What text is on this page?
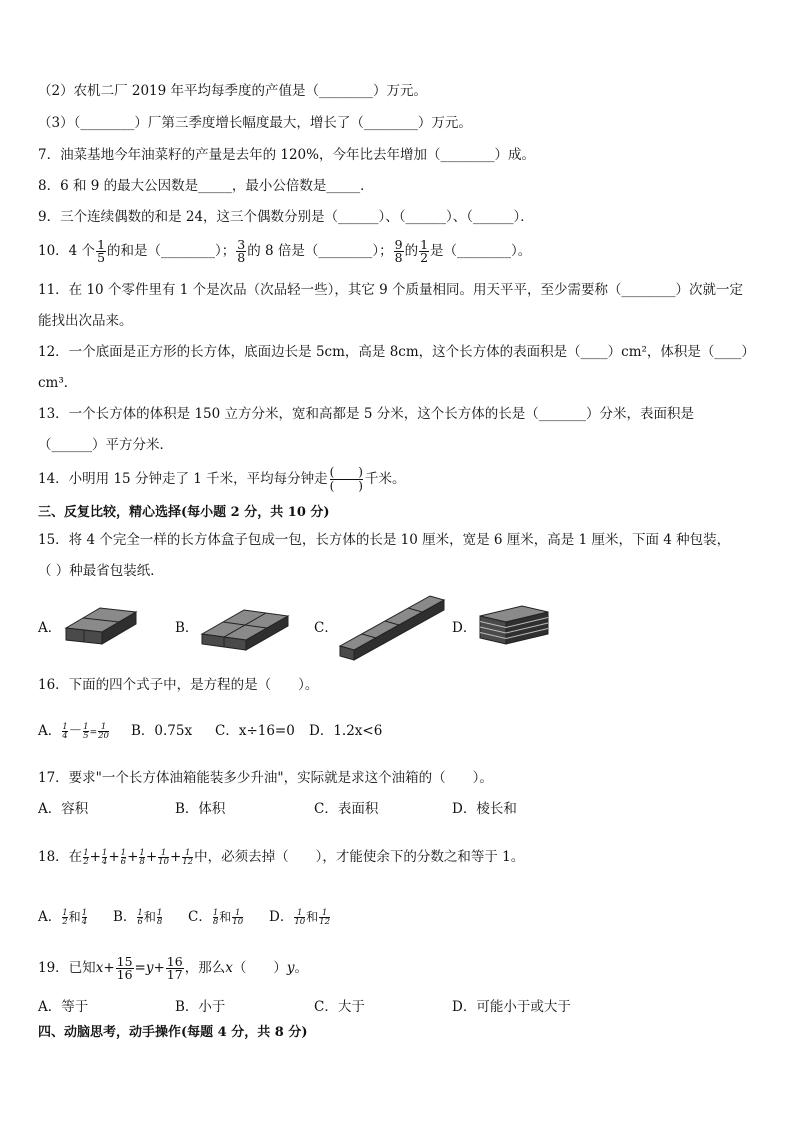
（2）农机二厂 2019 年平均每季度的产值是（________）万元。
（3）（________）厂第三季度增长幅度最大，增长了（________）万元。
7．油菜基地今年油菜籽的产量是去年的 120%，今年比去年增加（________）成。
8．6 和 9 的最大公因数是_____，最小公倍数是_____．
9．三个连续偶数的和是 24，这三个偶数分别是（______）、（______）、（______）．
10．4 个 $\frac{1}{5}$ 的和是（________）； $\frac{3}{8}$ 的 8 倍是（________）； $\frac{9}{8}$ 的 $\frac{1}{2}$ 是（________）。
11．在 10 个零件里有 1 个是次品（次品轻一些），其它 9 个质量相同。用天平平，至少需要称（________）次就一定
能找出次品来。
12．一个底面是正方形的长方体，底面边长是 5cm，高是 8cm，这个长方体的表面积是（____）cm²，体积是（____）
cm³．
13．一个长方体的体积是 150 立方分米，宽和高都是 5 分米，这个长方体的长是（_______）分米，表面积是
（______）平方分米．
14．小明用 15 分钟走了 1 千米，平均每分钟走 $\frac{( )}{( )}$ 千米。
三、反复比较，精心选择(每小题 2 分，共 10 分)
15．将 4 个完全一样的长方体盒子包成一包，长方体的长是 10 厘米，宽是 6 厘米，高是 1 厘米，下面 4 种包装，
（ ）种最省包装纸．
A．	B．	C．	D．
16．下面的四个式子中，是方程的是（　　）。
A． $\frac{1}{4} - \frac{1}{5} = \frac{1}{20}$ B．0.75x C．x÷16=0 D．1.2x<6
17．要求"一个长方体油箱能装多少升油"，实际就是求这个油箱的（　　）。
A．容积	B．体积	C．表面积	D．棱长和
18．在 $\frac{1}{2} + \frac{1}{4} + \frac{1}{6} + \frac{1}{8} + \frac{1}{10} + \frac{1}{12}$ 中，必须去掉（　　），才能使余下的分数之和等于 1。
A． $\frac{1}{2}$ 和 $\frac{1}{4}$ B． $\frac{1}{6}$ 和 $\frac{1}{8}$ C． $\frac{1}{8}$ 和 $\frac{1}{10}$ D． $\frac{1}{10}$ 和 $\frac{1}{12}$
19．已知$x+ \frac{15}{16} =y+ \frac{16}{17}$ ，那么x（　　）y。
A．等于	B．小于	C．大于	D．可能小于或大于
四、动脑思考，动手操作(每题 4 分，共 8 分)
